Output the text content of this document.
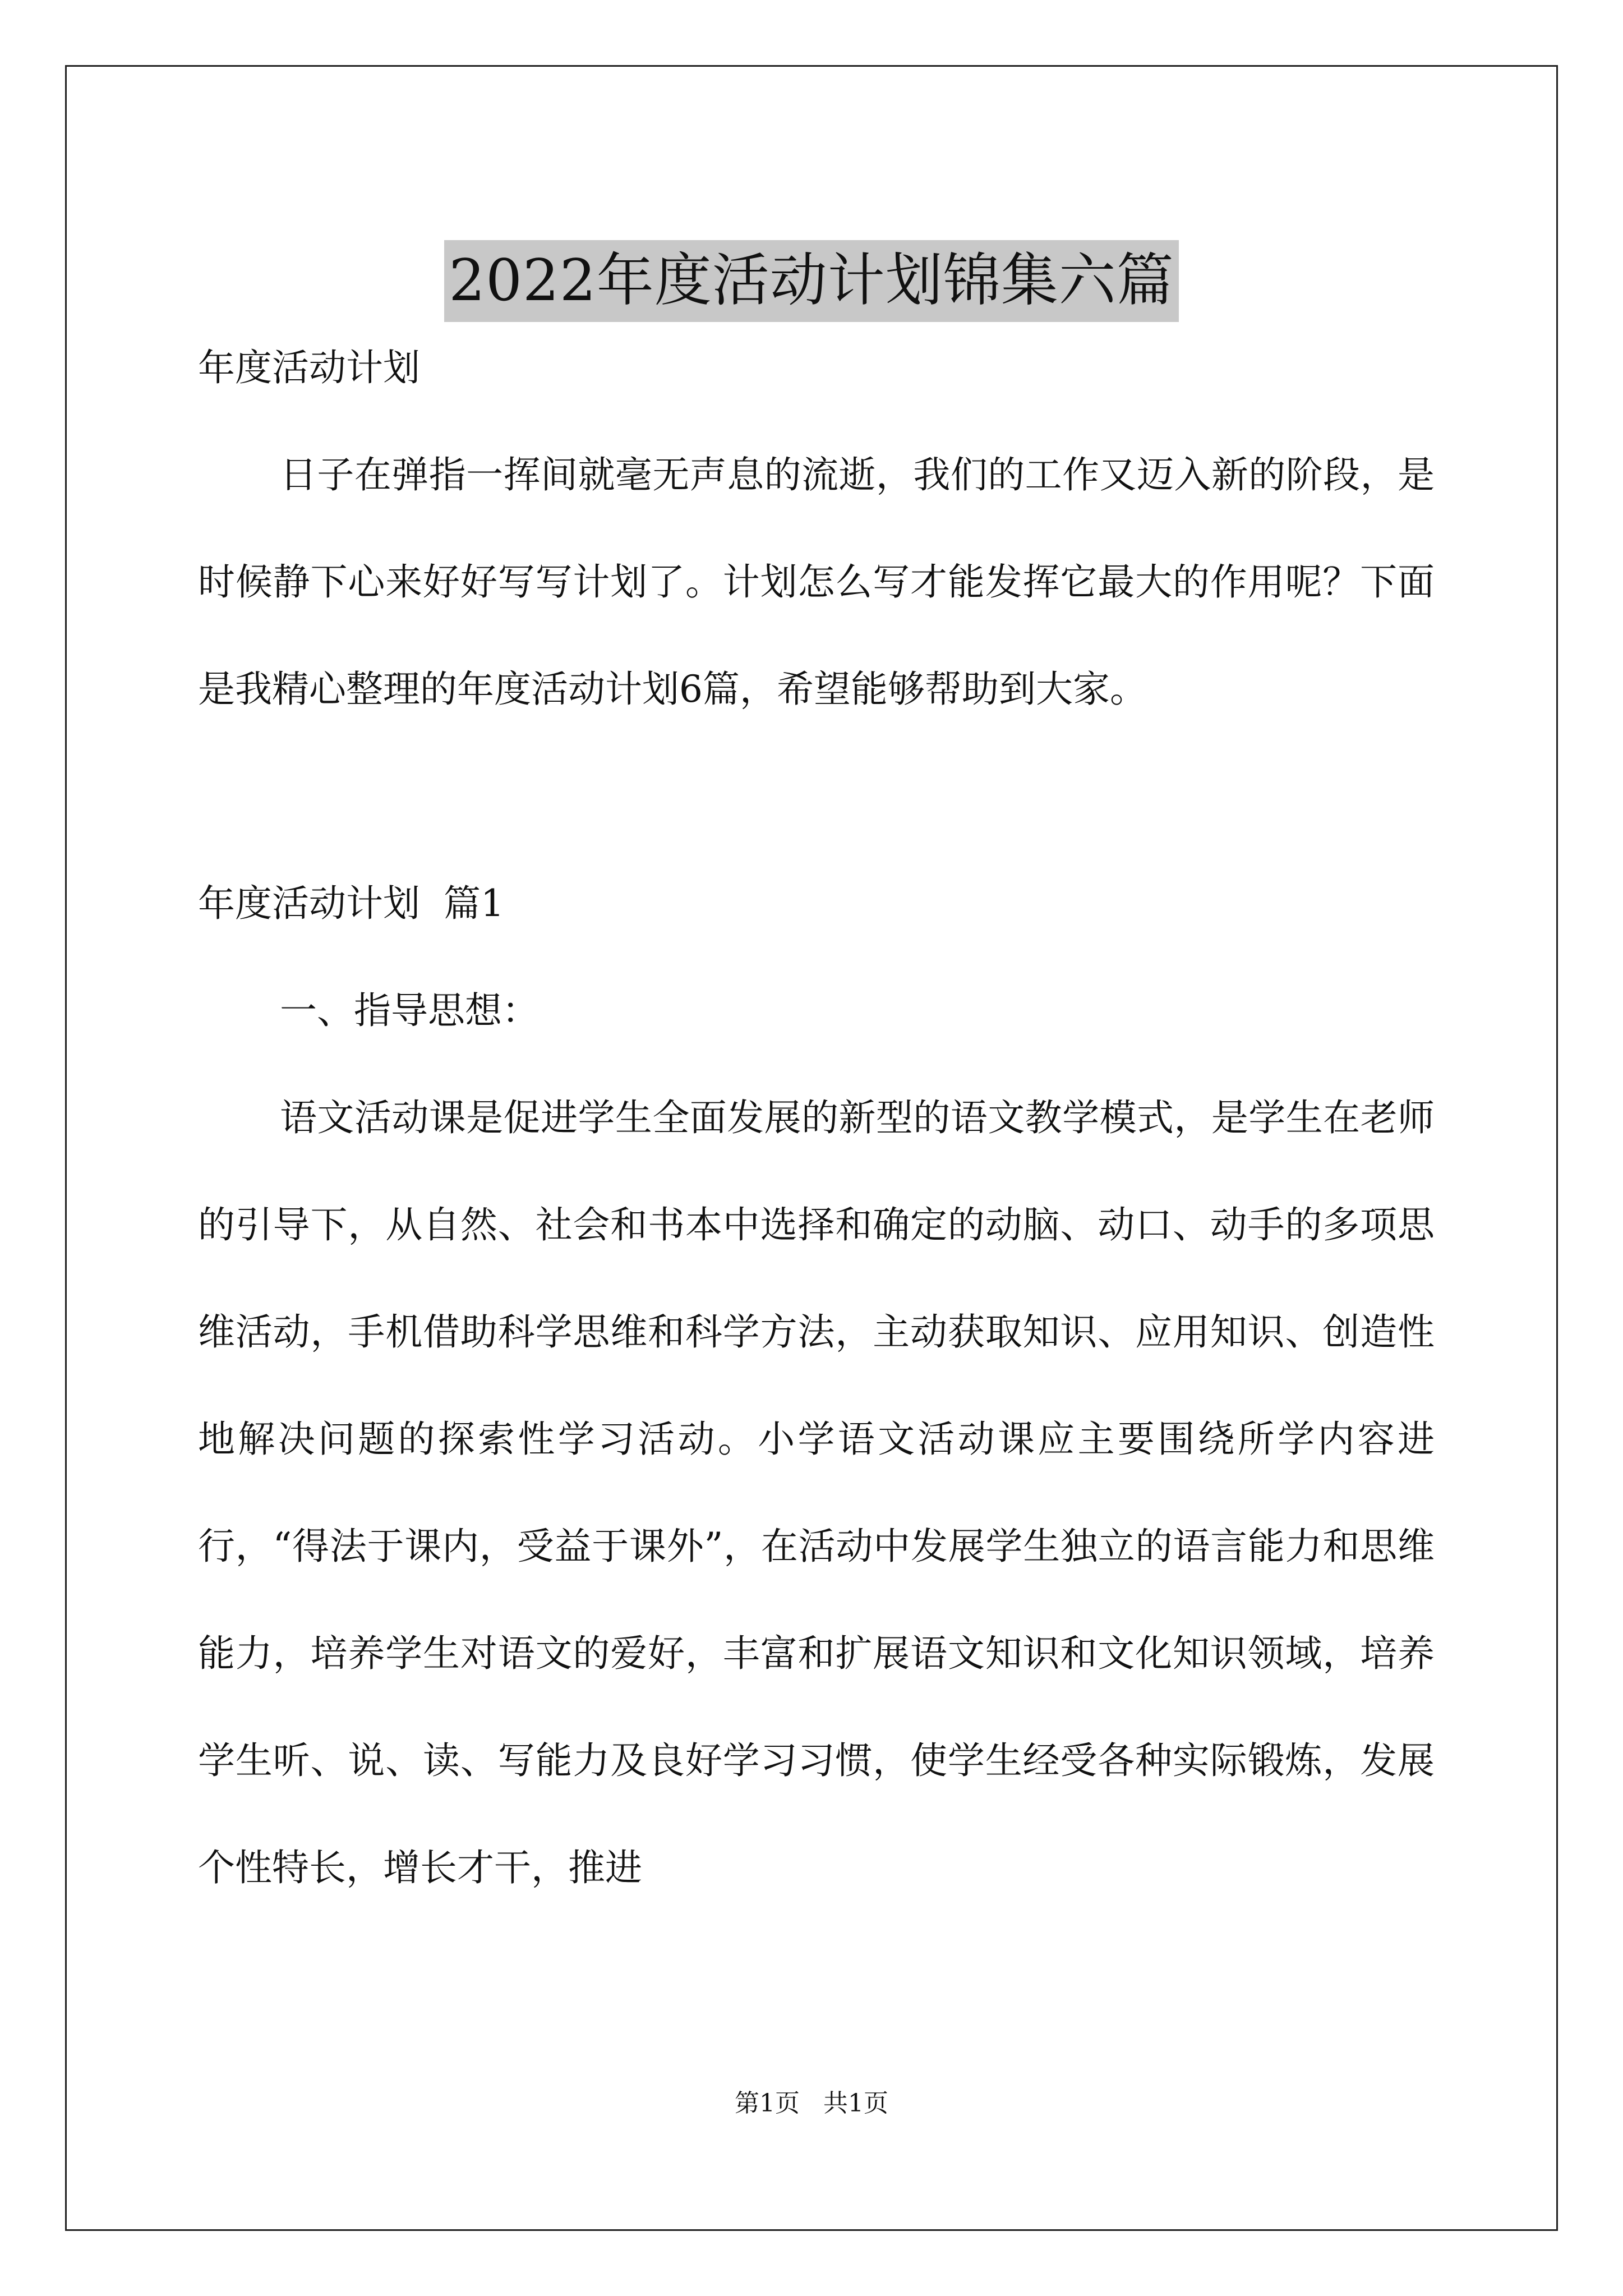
2022年度活动计划锦集六篇

年度活动计划

日子在弹指一挥间就毫无声息的流逝，我们的工作又迈入新的阶段，是时候静下心来好好写写计划了。计划怎么写才能发挥它最大的作用呢？下面是我精心整理的年度活动计划6篇，希望能够帮助到大家。

年度活动计划  篇1

一、指导思想：

语文活动课是促进学生全面发展的新型的语文教学模式，是学生在老师的引导下，从自然、社会和书本中选择和确定的动脑、动口、动手的多项思维活动，手机借助科学思维和科学方法，主动获取知识、应用知识、创造性地解决问题的探索性学习活动。小学语文活动课应主要围绕所学内容进行，“得法于课内，受益于课外”，在活动中发展学生独立的语言能力和思维能力，培养学生对语文的爱好，丰富和扩展语文知识和文化知识领域，培养学生听、说、读、写能力及良好学习习惯，使学生经受各种实际锻炼，发展个性特长，增长才干，推进

第1页   共1页
